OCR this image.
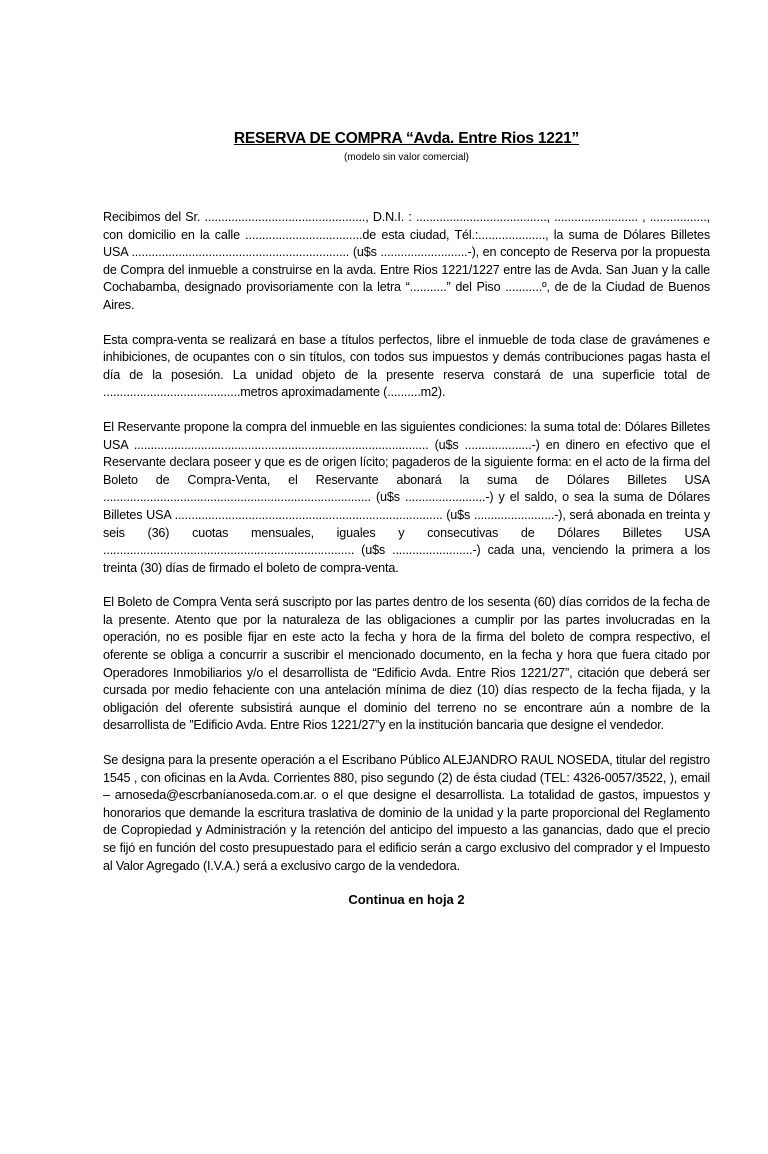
RESERVA DE COMPRA “Avda. Entre Rios 1221”
(modelo sin valor comercial)

Recibimos del Sr. ................................................, D.N.I. : ......................................., ......................... , ................., con domicilio en la calle ...................................de esta ciudad, Tél.:...................., la suma de Dólares Billetes USA ................................................................. (u$s ..........................-), en concepto de Reserva por la propuesta de Compra del inmueble a construirse en la avda. Entre Rios 1221/1227 entre las de Avda. San Juan y la calle Cochabamba, designado provisoriamente con la letra “...........” del Piso ...........º, de de la Ciudad de Buenos Aires.

Esta compra-venta se realizará en base a títulos perfectos, libre el inmueble de toda clase de gravámenes e inhibiciones, de ocupantes con o sin títulos, con todos sus impuestos y demás contribuciones pagas hasta el día de la posesión. La unidad objeto de la presente reserva constará de una superficie total de .........................................metros aproximadamente (..........m2).

El Reservante propone la compra del inmueble en las siguientes condiciones: la suma total de: Dólares Billetes USA ........................................................................................ (u$s ....................-) en dinero en efectivo que el Reservante declara poseer y que es de origen lícito; pagaderos de la siguiente forma: en el acto de la firma del Boleto de Compra-Venta, el Reservante abonará la suma de Dólares Billetes USA ................................................................................ (u$s ........................-) y el saldo, o sea la suma de Dólares Billetes USA ................................................................................ (u$s ........................-), será abonada en treinta y seis (36) cuotas mensuales, iguales y consecutivas de Dólares Billetes USA ........................................................................... (u$s ........................-) cada una, venciendo la primera a los treinta (30) días de firmado el boleto de compra-venta.

El Boleto de Compra Venta será suscripto por las partes dentro de los sesenta (60) días corridos de la fecha de la presente. Atento que por la naturaleza de las obligaciones a cumplir por las partes involucradas en la operación, no es posible fijar en este acto la fecha y hora de la firma del boleto de compra respectivo, el oferente se obliga a concurrir a suscribir el mencionado documento, en la fecha y hora que fuera citado por Operadores Inmobiliarios y/o el desarrollista de “Edificio Avda. Entre Rios 1221/27”, citación que deberá ser cursada por medio fehaciente con una antelación mínima de diez (10) días respecto de la fecha fijada, y la obligación del oferente subsistirá aunque el dominio del terreno no se encontrare aún a nombre de la desarrollista de ”Edificio Avda. Entre Rios 1221/27”y en la institución bancaria que designe el vendedor.

Se designa para la presente operación a el Escribano Público ALEJANDRO RAUL NOSEDA, titular del registro 1545 , con oficinas en la Avda. Corrientes 880, piso segundo (2) de ésta ciudad (TEL: 4326-0057/3522, ), email – arnoseda@escrbaníanoseda.com.ar. o el que designe el desarrollista. La totalidad de gastos, impuestos y honorarios que demande la escritura traslativa de dominio de la unidad y la parte proporcional del Reglamento de Copropiedad y Administración y la retención del anticipo del impuesto a las ganancias, dado que el precio se fijó en función del costo presupuestado para el edificio serán a cargo exclusivo del comprador y el Impuesto al Valor Agregado (I.V.A.) será a exclusivo cargo de la vendedora.

Continua en hoja 2
